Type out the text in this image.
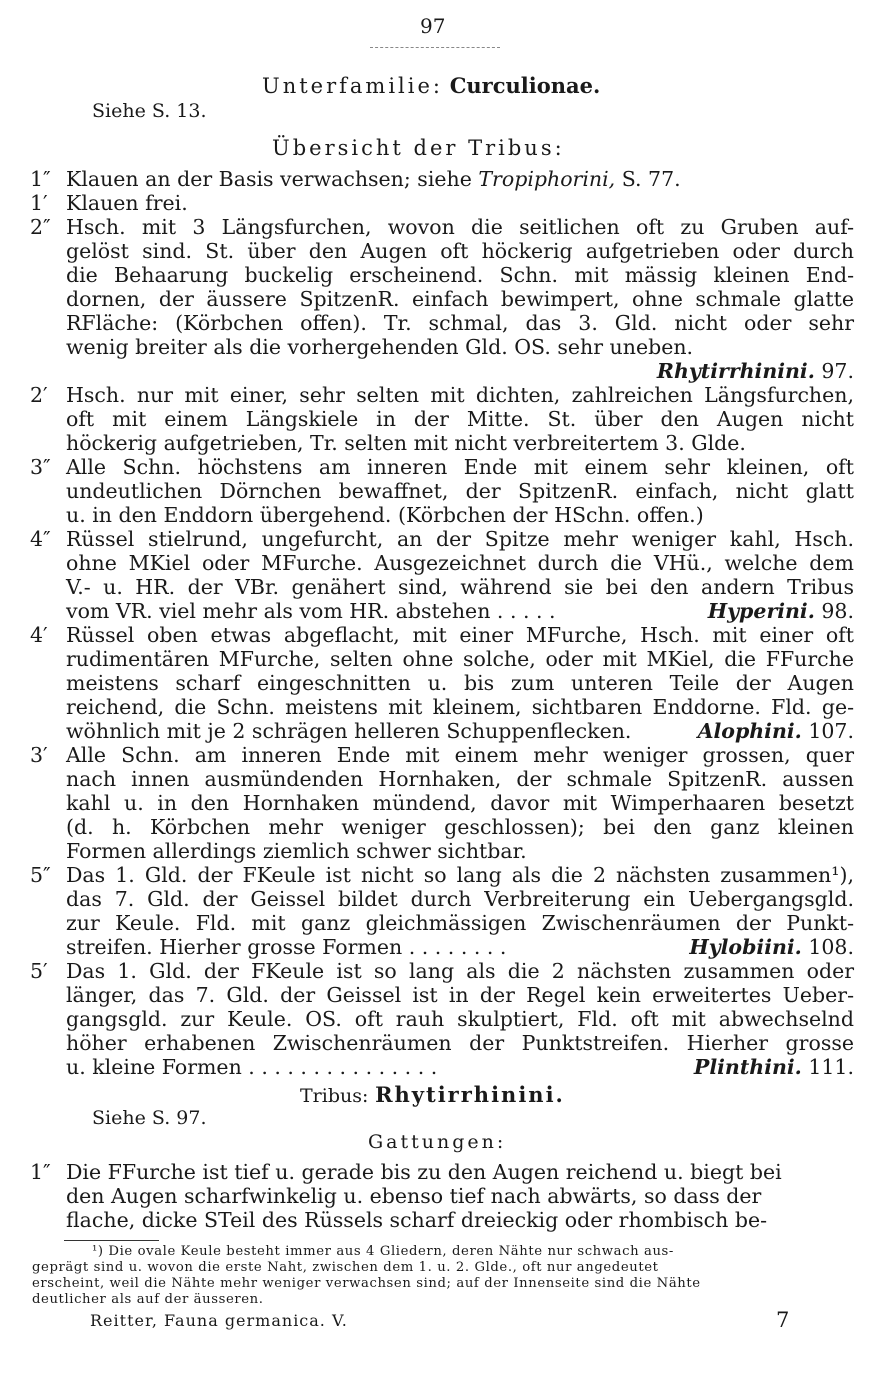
97
Unterfamilie: Curculionae.
Siehe S. 13.
Übersicht der Tribus:
1″ Klauen an der Basis verwachsen; siehe Tropiphorini, S. 77.
1′ Klauen frei.
2″ Hsch. mit 3 Längsfurchen, wovon die seitlichen oft zu Gruben auf-
gelöst sind. St. über den Augen oft höckerig aufgetrieben oder durch
die Behaarung buckelig erscheinend. Schn. mit mässig kleinen End-
dornen, der äussere SpitzenR. einfach bewimpert, ohne schmale glatte
RFläche: (Körbchen offen). Tr. schmal, das 3. Gld. nicht oder sehr
wenig breiter als die vorhergehenden Gld. OS. sehr uneben.
Rhytirrhinini. 97.
2′ Hsch. nur mit einer, sehr selten mit dichten, zahlreichen Längsfurchen,
oft mit einem Längskiele in der Mitte. St. über den Augen nicht
höckerig aufgetrieben, Tr. selten mit nicht verbreitertem 3. Glde.
3″ Alle Schn. höchstens am inneren Ende mit einem sehr kleinen, oft
undeutlichen Dörnchen bewaffnet, der SpitzenR. einfach, nicht glatt
u. in den Enddorn übergehend. (Körbchen der HSchn. offen.)
4″ Rüssel stielrund, ungefurcht, an der Spitze mehr weniger kahl, Hsch.
ohne MKiel oder MFurche. Ausgezeichnet durch die VHü., welche dem
V.- u. HR. der VBr. genähert sind, während sie bei den andern Tribus
vom VR. viel mehr als vom HR. abstehen . . . . .	Hyperini. 98.
4′ Rüssel oben etwas abgeflacht, mit einer MFurche, Hsch. mit einer oft
rudimentären MFurche, selten ohne solche, oder mit MKiel, die FFurche
meistens scharf eingeschnitten u. bis zum unteren Teile der Augen
reichend, die Schn. meistens mit kleinem, sichtbaren Enddorne. Fld. ge-
wöhnlich mit je 2 schrägen helleren Schuppenflecken.	Alophini. 107.
3′ Alle Schn. am inneren Ende mit einem mehr weniger grossen, quer
nach innen ausmündenden Hornhaken, der schmale SpitzenR. aussen
kahl u. in den Hornhaken mündend, davor mit Wimperhaaren besetzt
(d. h. Körbchen mehr weniger geschlossen); bei den ganz kleinen
Formen allerdings ziemlich schwer sichtbar.
5″ Das 1. Gld. der FKeule ist nicht so lang als die 2 nächsten zusammen¹),
das 7. Gld. der Geissel bildet durch Verbreiterung ein Uebergangsgld.
zur Keule. Fld. mit ganz gleichmässigen Zwischenräumen der Punkt-
streifen. Hierher grosse Formen . . . . . . . .	Hylobiini. 108.
5′ Das 1. Gld. der FKeule ist so lang als die 2 nächsten zusammen oder
länger, das 7. Gld. der Geissel ist in der Regel kein erweitertes Ueber-
gangsgld. zur Keule. OS. oft rauh skulptiert, Fld. oft mit abwechselnd
höher erhabenen Zwischenräumen der Punktstreifen. Hierher grosse
u. kleine Formen . . . . . . . . . . . . . . .	Plinthini. 111.
Tribus: Rhytirrhinini.
Siehe S. 97.
Gattungen:
1″ Die FFurche ist tief u. gerade bis zu den Augen reichend u. biegt bei
den Augen scharfwinkelig u. ebenso tief nach abwärts, so dass der
flache, dicke STeil des Rüssels scharf dreieckig oder rhombisch be-
¹) Die ovale Keule besteht immer aus 4 Gliedern, deren Nähte nur schwach aus-
geprägt sind u. wovon die erste Naht, zwischen dem 1. u. 2. Glde., oft nur angedeutet
erscheint, weil die Nähte mehr weniger verwachsen sind; auf der Innenseite sind die Nähte
deutlicher als auf der äusseren.
Reitter, Fauna germanica. V.	7
